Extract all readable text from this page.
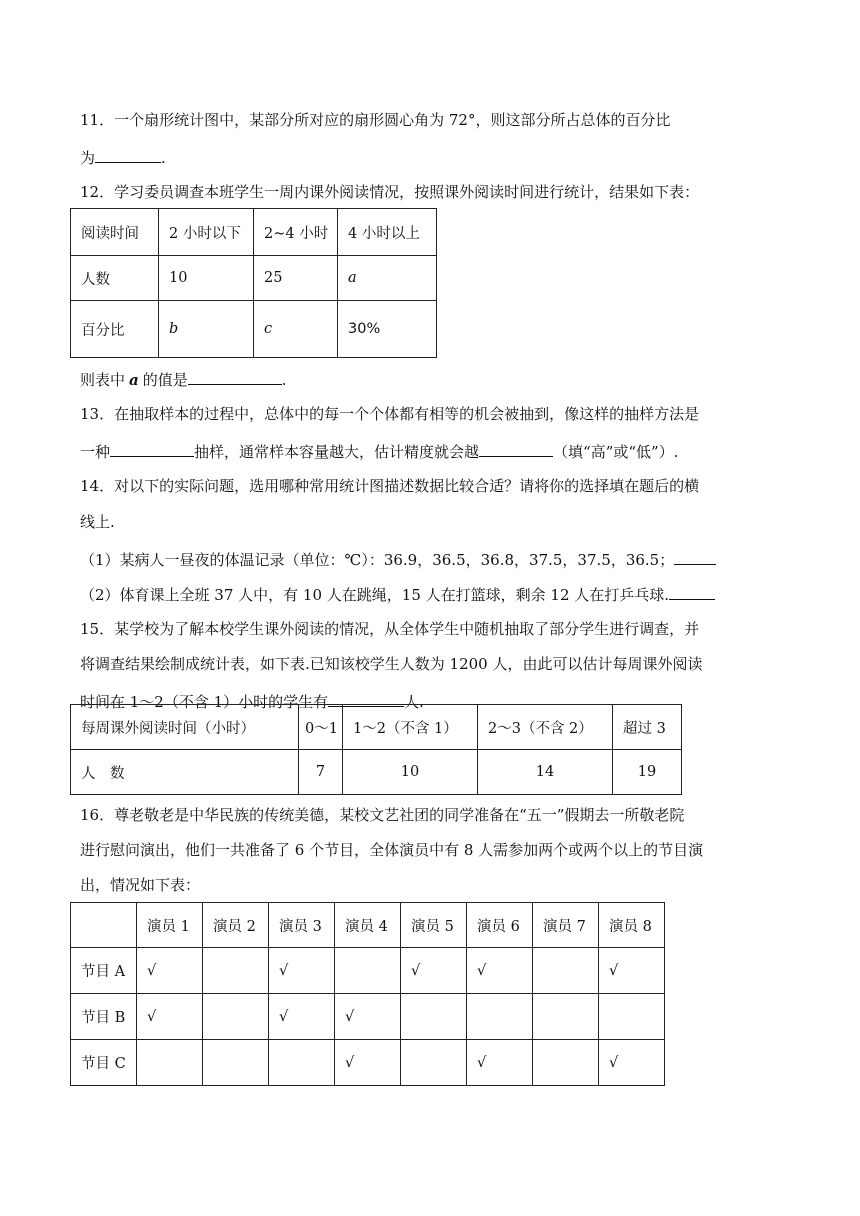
11．一个扇形统计图中，某部分所对应的扇形圆心角为 72°，则这部分所占总体的百分比
为	.
12．学习委员调查本班学生一周内课外阅读情况，按照课外阅读时间进行统计，结果如下表：
阅读时间	2 小时以下	2~4 小时	4 小时以上
人数	10	25	a
百分比	b	c	30%
则表中 a 的值是	.
13．在抽取样本的过程中，总体中的每一个个体都有相等的机会被抽到，像这样的抽样方法是
一种	抽样，通常样本容量越大，估计精度就会越	（填“高”或“低”）.
14．对以下的实际问题，选用哪种常用统计图描述数据比较合适？请将你的选择填在题后的横
线上.
（1）某病人一昼夜的体温记录（单位：℃）：36.9，36.5，36.8，37.5，37.5，36.5；
（2）体育课上全班 37 人中，有 10 人在跳绳，15 人在打篮球，剩余 12 人在打乒乓球.
15．某学校为了解本校学生课外阅读的情况，从全体学生中随机抽取了部分学生进行调查，并
将调查结果绘制成统计表，如下表.已知该校学生人数为 1200 人，由此可以估计每周课外阅读
时间在 1～2（不含 1）小时的学生有	人.
每周课外阅读时间（小时）	0～1	1～2（不含 1）	2～3（不含 2）	超过 3
人　数	7	10	14	19
16．尊老敬老是中华民族的传统美德，某校文艺社团的同学准备在“五一”假期去一所敬老院
进行慰问演出，他们一共准备了 6 个节目，全体演员中有 8 人需参加两个或两个以上的节目演
出，情况如下表：
	演员 1	演员 2	演员 3	演员 4	演员 5	演员 6	演员 7	演员 8
节目 A	√		√		√	√		√
节目 B	√		√	√				
节目 C				√		√		√
